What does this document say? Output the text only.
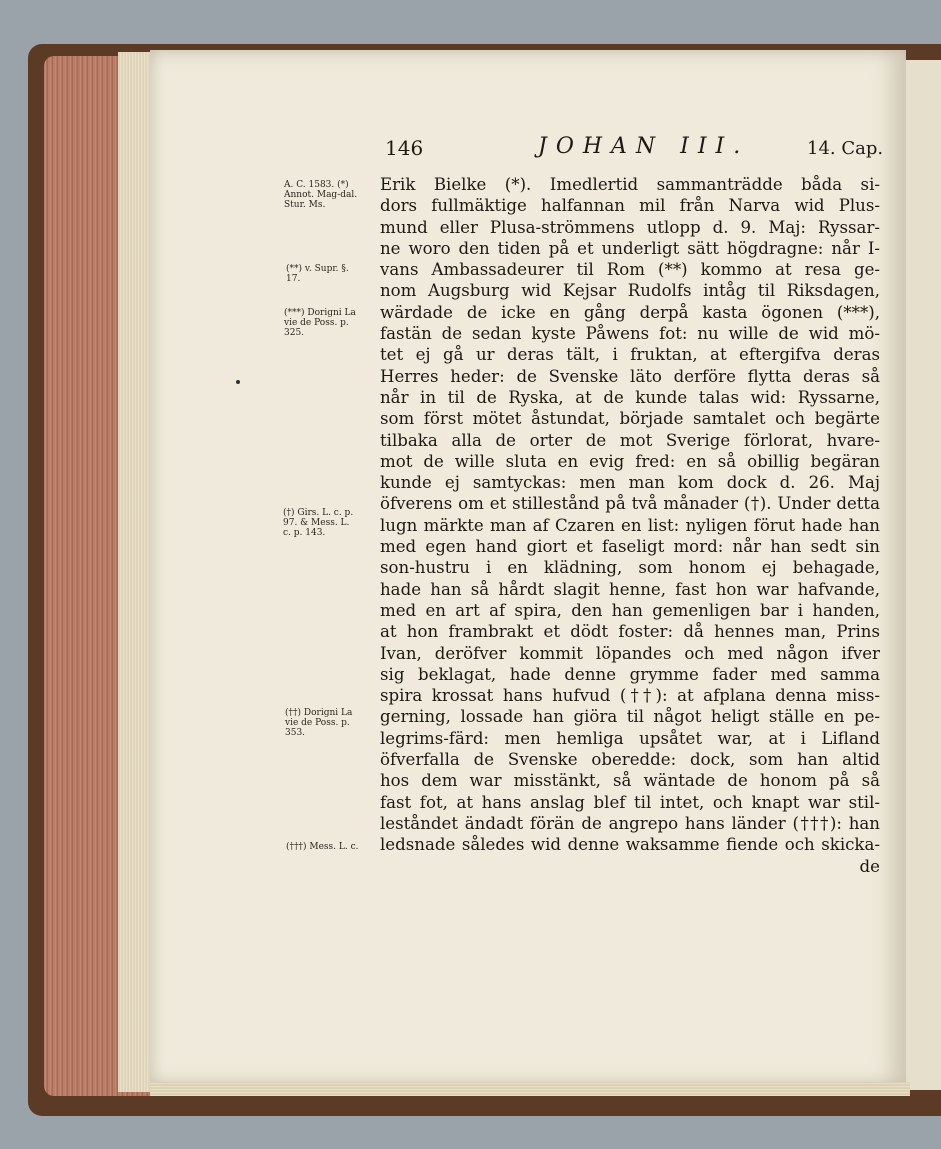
146	JOHAN III.	14. Cap.
A. C. 1583. (*) Annot. Mag-dal. Stur. Ms.
(**) v. Supr. §. 17.
(***) Dorigni La vie de Poss. p. 325.
(†) Girs. L. c. p. 97. & Mess. L. c. p. 143.
(††) Dorigni La vie de Poss. p. 353.
(†††) Mess. L. c.
Erik Bielke (*). Imedlertid sammanträdde båda si-
dors fullmäktige halfannan mil från Narva wid Plus-
mund eller Plusa-strömmens utlopp d. 9. Maj: Ryssar-
ne woro den tiden på et underligt sätt högdragne: når I-
vans Ambassadeurer til Rom (**) kommo at resa ge-
nom Augsburg wid Kejsar Rudolfs intåg til Riksdagen,
wärdade de icke en gång derpå kasta ögonen (***),
fastän de sedan kyste Påwens fot: nu wille de wid mö-
tet ej gå ur deras tält, i fruktan, at eftergifva deras
Herres heder: de Svenske läto derföre flytta deras så
når in til de Ryska, at de kunde talas wid: Ryssarne,
som först mötet åstundat, började samtalet och begärte
tilbaka alla de orter de mot Sverige förlorat, hvare-
mot de wille sluta en evig fred: en så obillig begäran
kunde ej samtyckas: men man kom dock d. 26. Maj
öfverens om et stillestånd på två månader (†). Under detta
lugn märkte man af Czaren en list: nyligen förut hade han
med egen hand giort et faseligt mord: når han sedt sin
son-hustru i en klädning, som honom ej behagade,
hade han så hårdt slagit henne, fast hon war hafvande,
med en art af spira, den han gemenligen bar i handen,
at hon frambrakt et dödt foster: då hennes man, Prins
Ivan, deröfver kommit löpandes och med någon ifver
sig beklagat, hade denne grymme fader med samma
spira krossat hans hufvud (††): at afplana denna miss-
gerning, lossade han giöra til något heligt ställe en pe-
legrims-färd: men hemliga upsåtet war, at i Lifland
öfverfalla de Svenske oberedde: dock, som han altid
hos dem war misstänkt, så wäntade de honom på så
fast fot, at hans anslag blef til intet, och knapt war stil-
leståndet ändadt förän de angrepo hans länder (†††): han
ledsnade således wid denne waksamme fiende och skicka-
de
